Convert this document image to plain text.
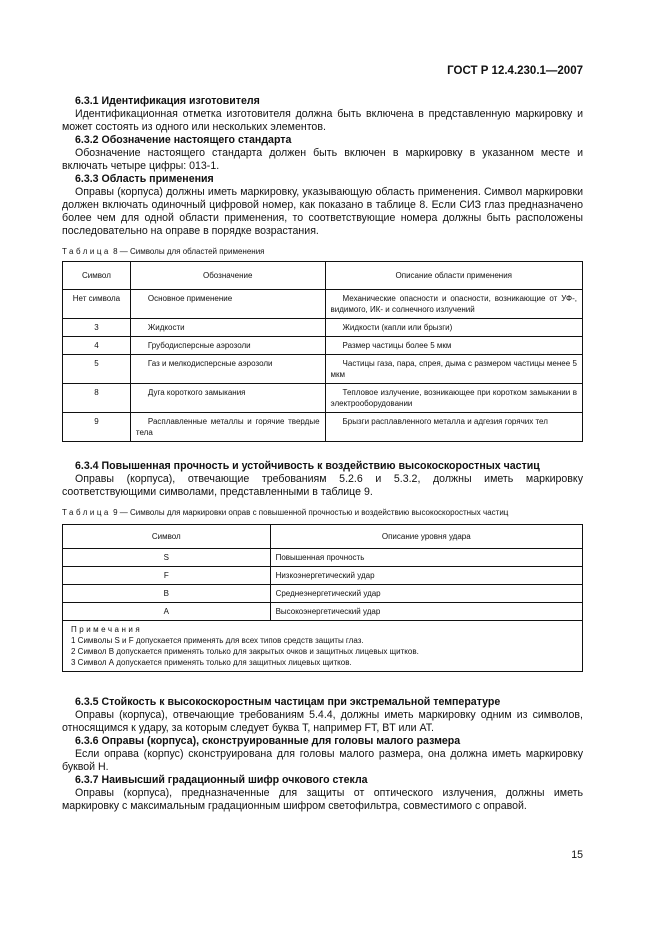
ГОСТ Р 12.4.230.1—2007
6.3.1 Идентификация изготовителя

Идентификационная отметка изготовителя должна быть включена в представленную маркировку и может состоять из одного или нескольких элементов.

6.3.2 Обозначение настоящего стандарта

Обозначение настоящего стандарта должен быть включен в маркировку в указанном месте и включать четыре цифры: 013-1.

6.3.3 Область применения

Оправы (корпуса) должны иметь маркировку, указывающую область применения. Символ маркировки должен включать одиночный цифровой номер, как показано в таблице 8. Если СИЗ глаз предназначено более чем для одной области применения, то соответствующие номера должны быть расположены последовательно на оправе в порядке возрастания.

Таблица 8 — Символы для областей применения
Символ	Обозначение	Описание области применения
Нет символа	Основное применение	Механические опасности и опасности, возникающие от УФ-, видимого, ИК- и солнечного излучений
3	Жидкости	Жидкости (капли или брызги)
4	Грубодисперсные аэрозоли	Размер частицы более 5 мкм
5	Газ и мелкодисперсные аэрозоли	Частицы газа, пара, спрея, дыма с размером частицы менее 5 мкм
8	Дуга короткого замыкания	Тепловое излучение, возникающее при коротком замыкании в электрооборудовании
9	Расплавленные металлы и горячие твердые тела	Брызги расплавленного металла и адгезия горячих тел
6.3.4 Повышенная прочность и устойчивость к воздействию высокоскоростных частиц

Оправы (корпуса), отвечающие требованиям 5.2.6 и 5.3.2, должны иметь маркировку соответствующими символами, представленными в таблице 9.

Таблица 9 — Символы для маркировки оправ с повышенной прочностью и воздействию высокоскоростных частиц
Символ	Описание уровня удара
S	Повышенная прочность
F	Низкоэнергетический удар
B	Среднеэнергетический удар
A	Высокоэнергетический удар
Примечания
1 Символы S и F допускается применять для всех типов средств защиты глаз.
2 Символ В допускается применять только для закрытых очков и защитных лицевых щитков.
3 Символ А допускается применять только для защитных лицевых щитков.
6.3.5 Стойкость к высокоскоростным частицам при экстремальной температуре

Оправы (корпуса), отвечающие требованиям 5.4.4, должны иметь маркировку одним из символов, относящимся к удару, за которым следует буква Т, например FT, BT или AT.

6.3.6 Оправы (корпуса), сконструированные для головы малого размера

Если оправа (корпус) сконструирована для головы малого размера, она должна иметь маркировку буквой Н.

6.3.7 Наивысший градационный шифр очкового стекла

Оправы (корпуса), предназначенные для защиты от оптического излучения, должны иметь маркировку с максимальным градационным шифром светофильтра, совместимого с оправой.

15
